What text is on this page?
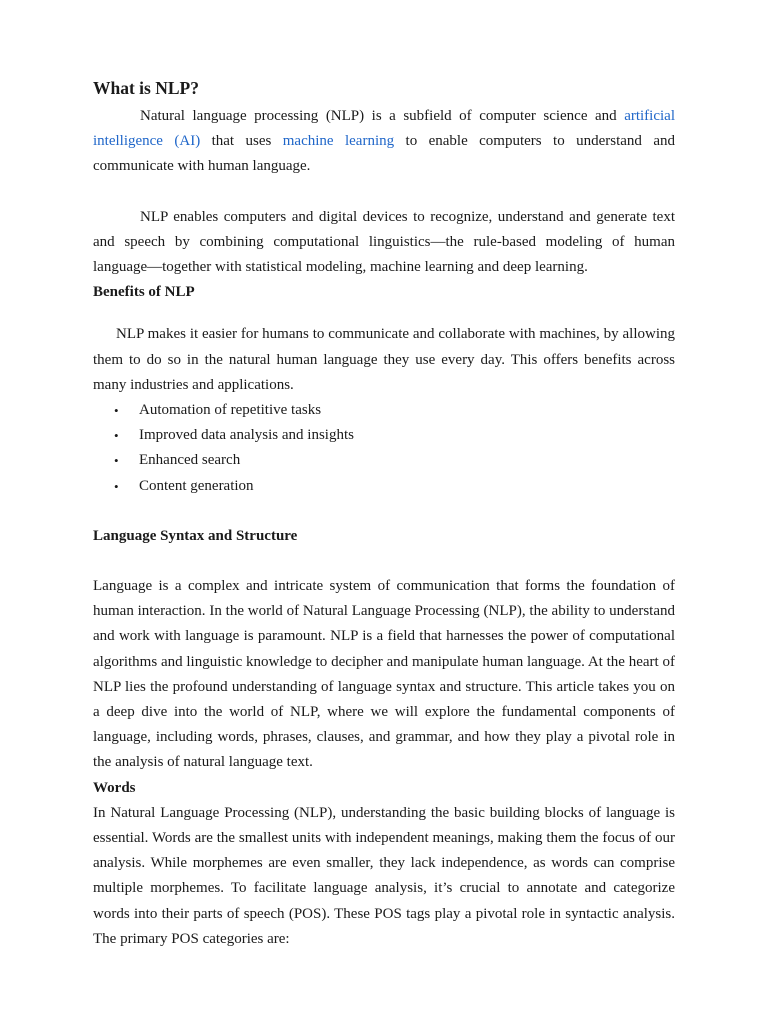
What is NLP?

Natural language processing (NLP) is a subfield of computer science and artificial intelligence (AI) that uses machine learning to enable computers to understand and communicate with human language.

NLP enables computers and digital devices to recognize, understand and generate text and speech by combining computational linguistics—the rule-based modeling of human language—together with statistical modeling, machine learning and deep learning.

Benefits of NLP

NLP makes it easier for humans to communicate and collaborate with machines, by allowing them to do so in the natural human language they use every day. This offers benefits across many industries and applications.

• Automation of repetitive tasks
• Improved data analysis and insights
• Enhanced search
• Content generation
Language Syntax and Structure

Language is a complex and intricate system of communication that forms the foundation of human interaction. In the world of Natural Language Processing (NLP), the ability to understand and work with language is paramount. NLP is a field that harnesses the power of computational algorithms and linguistic knowledge to decipher and manipulate human language. At the heart of NLP lies the profound understanding of language syntax and structure. This article takes you on a deep dive into the world of NLP, where we will explore the fundamental components of language, including words, phrases, clauses, and grammar, and how they play a pivotal role in the analysis of natural language text.

Words

In Natural Language Processing (NLP), understanding the basic building blocks of language is essential. Words are the smallest units with independent meanings, making them the focus of our analysis. While morphemes are even smaller, they lack independence, as words can comprise multiple morphemes. To facilitate language analysis, it’s crucial to annotate and categorize words into their parts of speech (POS). These POS tags play a pivotal role in syntactic analysis. The primary POS categories are:
